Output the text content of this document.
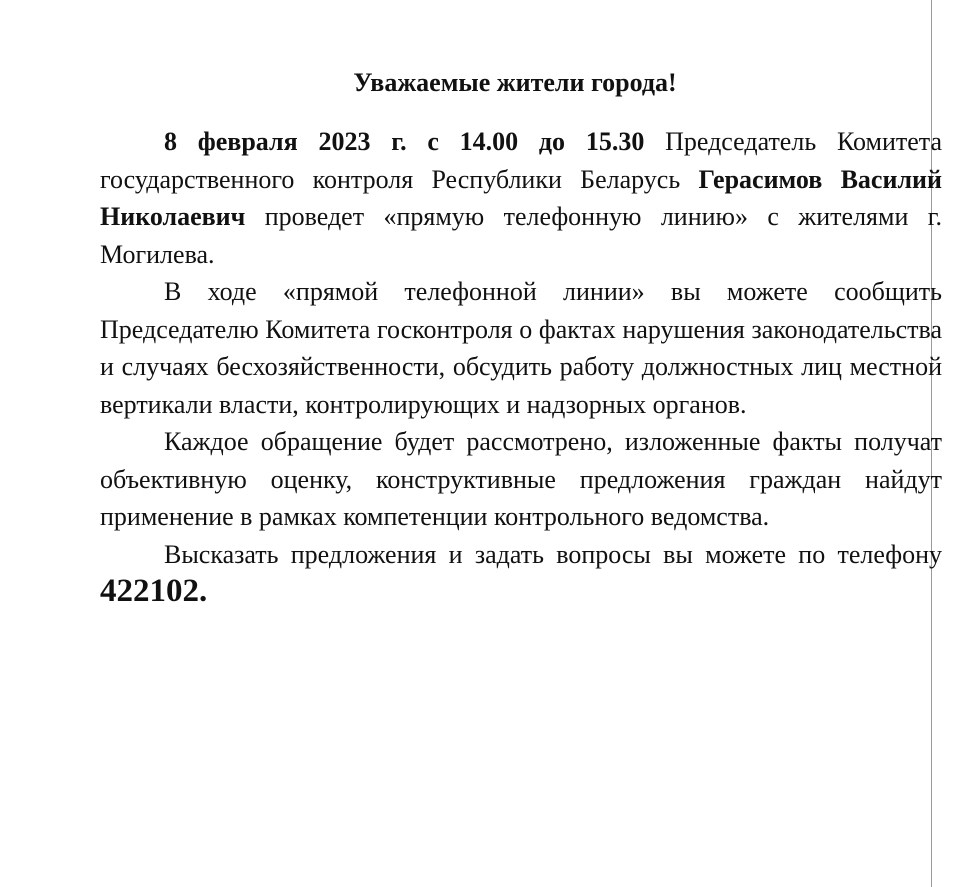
Уважаемые жители города!

8 февраля 2023 г. с 14.00 до 15.30 Председатель Комитета государственного контроля Республики Беларусь Герасимов Василий Николаевич проведет «прямую телефонную линию» с жителями г. Могилева.

В ходе «прямой телефонной линии» вы можете сообщить Председателю Комитета госконтроля о фактах нарушения законодательства и случаях бесхозяйственности, обсудить работу должностных лиц местной вертикали власти, контролирующих и надзорных органов.

Каждое обращение будет рассмотрено, изложенные факты получат объективную оценку, конструктивные предложения граждан найдут применение в рамках компетенции контрольного ведомства.

Высказать предложения и задать вопросы вы можете по телефону 422102.
